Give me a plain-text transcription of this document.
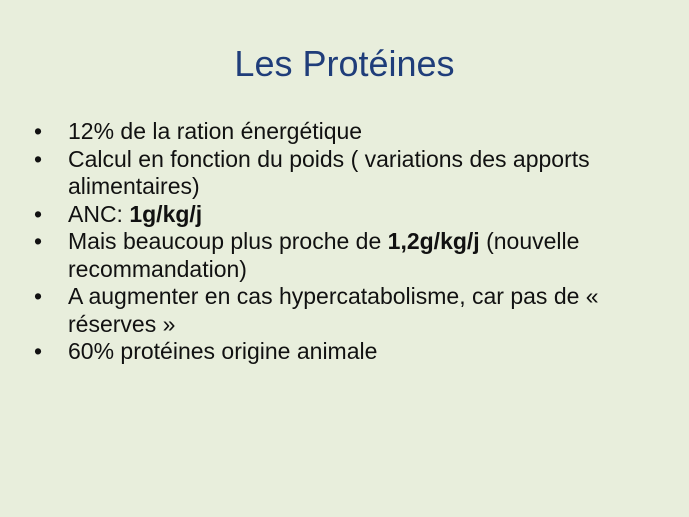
Les Protéines
•	12% de la ration énergétique
•	Calcul en fonction du poids ( variations des apports alimentaires)
•	ANC: 1g/kg/j
•	Mais beaucoup plus proche de 1,2g/kg/j (nouvelle recommandation)
•	A augmenter en cas hypercatabolisme, car pas de « réserves »
•	60% protéines origine animale
